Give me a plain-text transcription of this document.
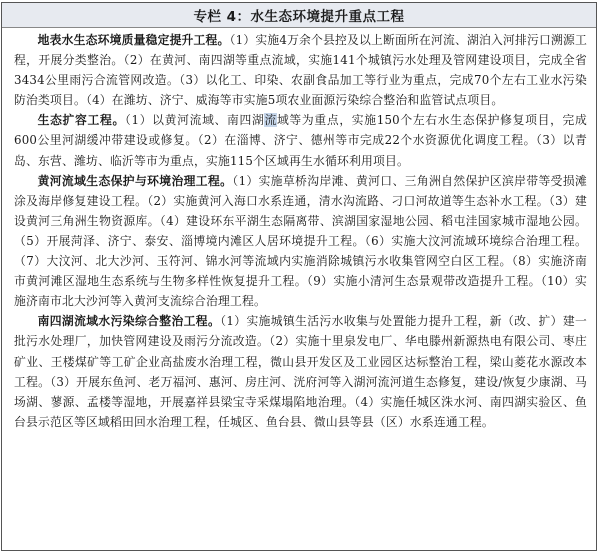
专栏 4：水生态环境提升重点工程

地表水生态环境质量稳定提升工程。（1）实施4万余个县控及以上断面所在河流、湖泊入河排污口溯源工程，开展分类整治。（2）在黄河、南四湖等重点流域，实施141个城镇污水处理及管网建设项目，完成全省3434公里雨污合流管网改造。（3）以化工、印染、农副食品加工等行业为重点，完成70个左右工业水污染防治类项目。（4）在潍坊、济宁、威海等市实施5项农业面源污染综合整治和监管试点项目。

生态扩容工程。（1）以黄河流域、南四湖流域等为重点，实施150个左右水生态保护修复项目，完成600公里河湖缓冲带建设或修复。（2）在淄博、济宁、德州等市完成22个水资源优化调度工程。（3）以青岛、东营、潍坊、临沂等市为重点，实施115个区域再生水循环利用项目。

黄河流域生态保护与环境治理工程。（1）实施草桥沟岸滩、黄河口、三角洲自然保护区滨岸带等受损滩涂及海岸修复建设工程。（2）实施黄河入海口水系连通，清水沟流路、刁口河故道等生态补水工程。（3）建设黄河三角洲生物资源库。（4）建设环东平湖生态隔离带、滨湖国家湿地公园、稻屯洼国家城市湿地公园。（5）开展菏泽、济宁、泰安、淄博境内滩区人居环境提升工程。（6）实施大汶河流域环境综合治理工程。（7）大汶河、北大沙河、玉符河、锦水河等流域内实施消除城镇污水收集管网空白区工程。（8）实施济南市黄河滩区湿地生态系统与生物多样性恢复提升工程。（9）实施小清河生态景观带改造提升工程。（10）实施济南市北大沙河等入黄河支流综合治理工程。

南四湖流域水污染综合整治工程。（1）实施城镇生活污水收集与处置能力提升工程，新（改、扩）建一批污水处理厂，加快管网建设及雨污分流改造。（2）实施十里泉发电厂、华电滕州新源热电有限公司、枣庄矿业、王楼煤矿等工矿企业高盐废水治理工程，微山县开发区及工业园区达标整治工程，梁山菱花水源改本工程。（3）开展东鱼河、老万福河、惠河、房庄河、洸府河等入湖河流河道生态修复，建设/恢复少康湖、马场湖、蓼源、孟楼等湿地，开展嘉祥县梁宝寺采煤塌陷地治理。（4）实施任城区洙水河、南四湖实验区、鱼台县示范区等区域稻田回水治理工程，任城区、鱼台县、微山县等县（区）水系连通工程。
